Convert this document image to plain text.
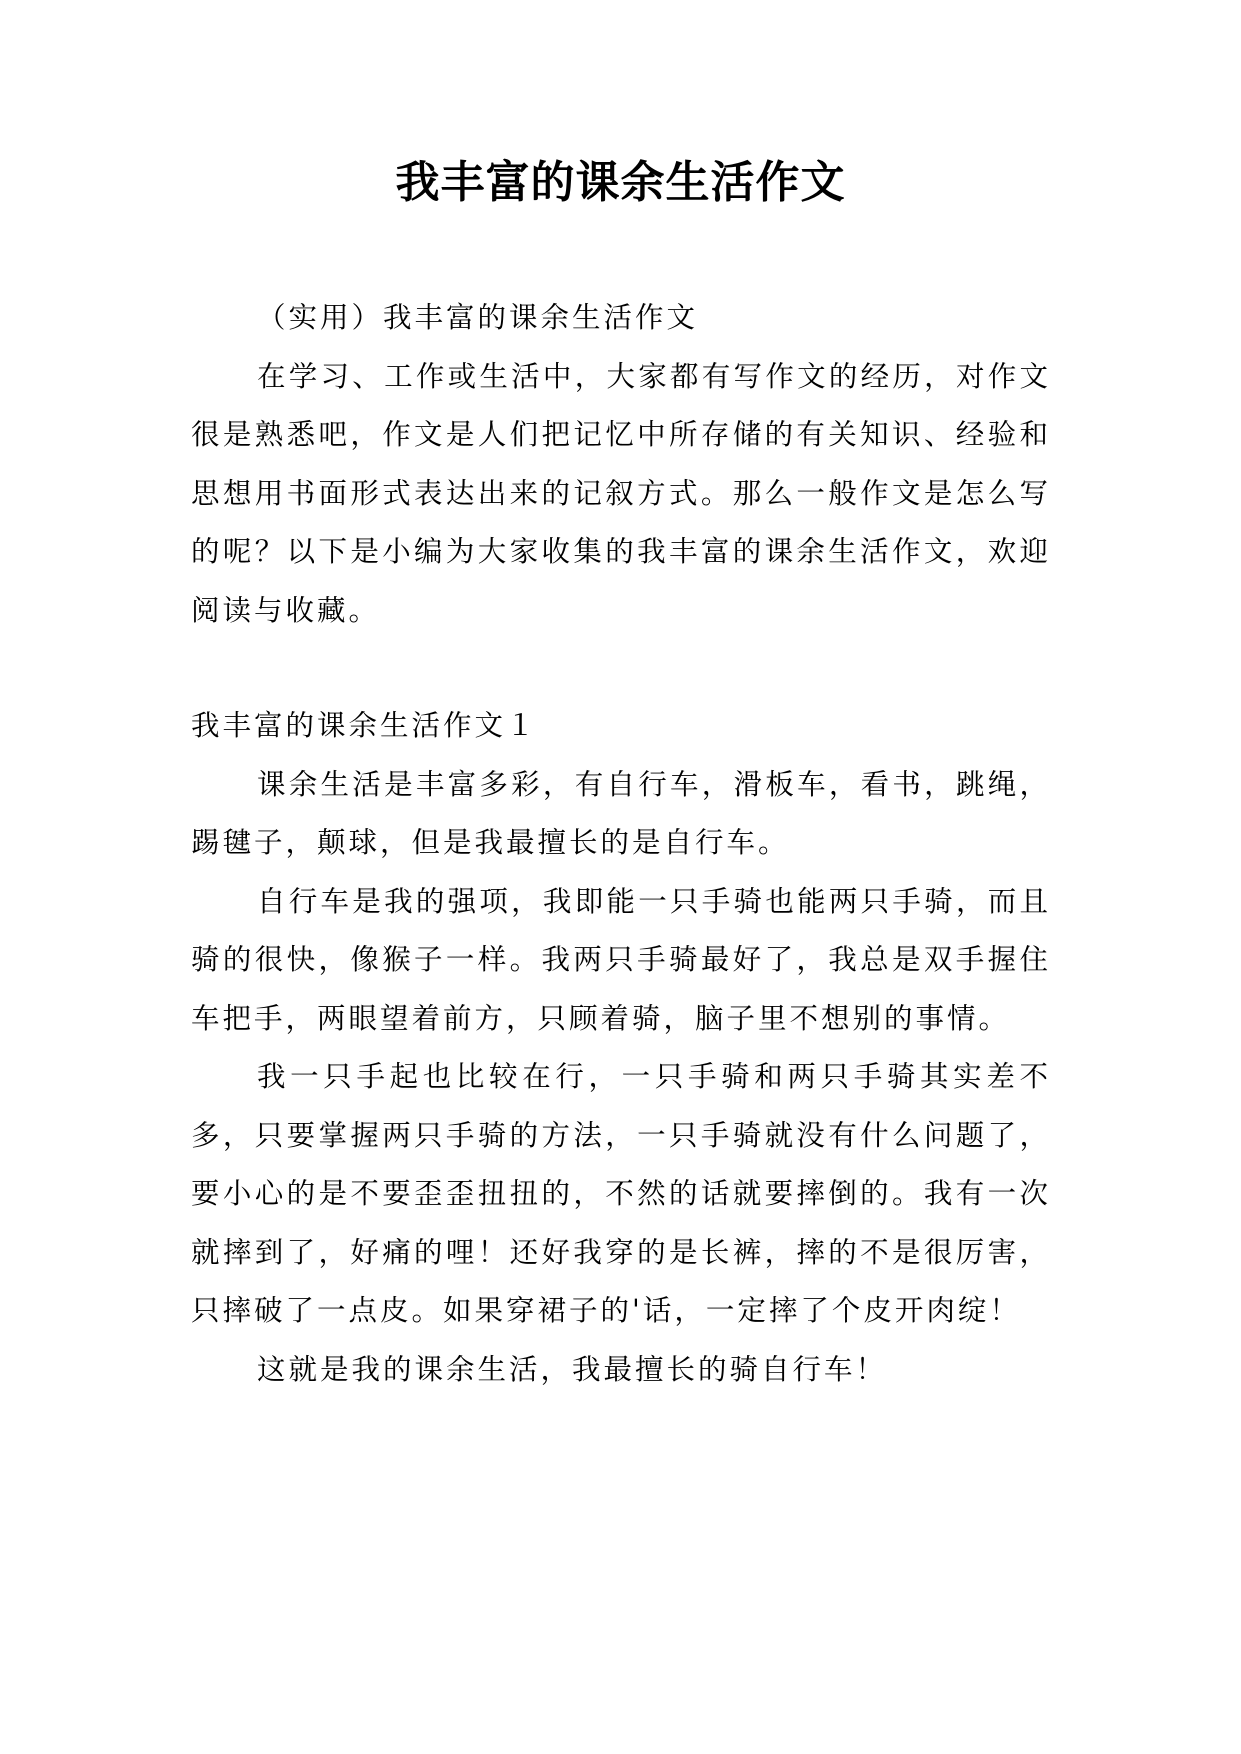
我丰富的课余生活作文

（实用）我丰富的课余生活作文

在学习、工作或生活中，大家都有写作文的经历，对作文很是熟悉吧，作文是人们把记忆中所存储的有关知识、经验和思想用书面形式表达出来的记叙方式。那么一般作文是怎么写的呢？以下是小编为大家收集的我丰富的课余生活作文，欢迎阅读与收藏。

我丰富的课余生活作文１

课余生活是丰富多彩，有自行车，滑板车，看书，跳绳，踢毽子，颠球，但是我最擅长的是自行车。

自行车是我的强项，我即能一只手骑也能两只手骑，而且骑的很快，像猴子一样。我两只手骑最好了，我总是双手握住车把手，两眼望着前方，只顾着骑，脑子里不想别的事情。

我一只手起也比较在行，一只手骑和两只手骑其实差不多，只要掌握两只手骑的方法，一只手骑就没有什么问题了，要小心的是不要歪歪扭扭的，不然的话就要摔倒的。我有一次就摔到了，好痛的哩！还好我穿的是长裤，摔的不是很厉害，只摔破了一点皮。如果穿裙子的'话，一定摔了个皮开肉绽！

这就是我的课余生活，我最擅长的骑自行车！
